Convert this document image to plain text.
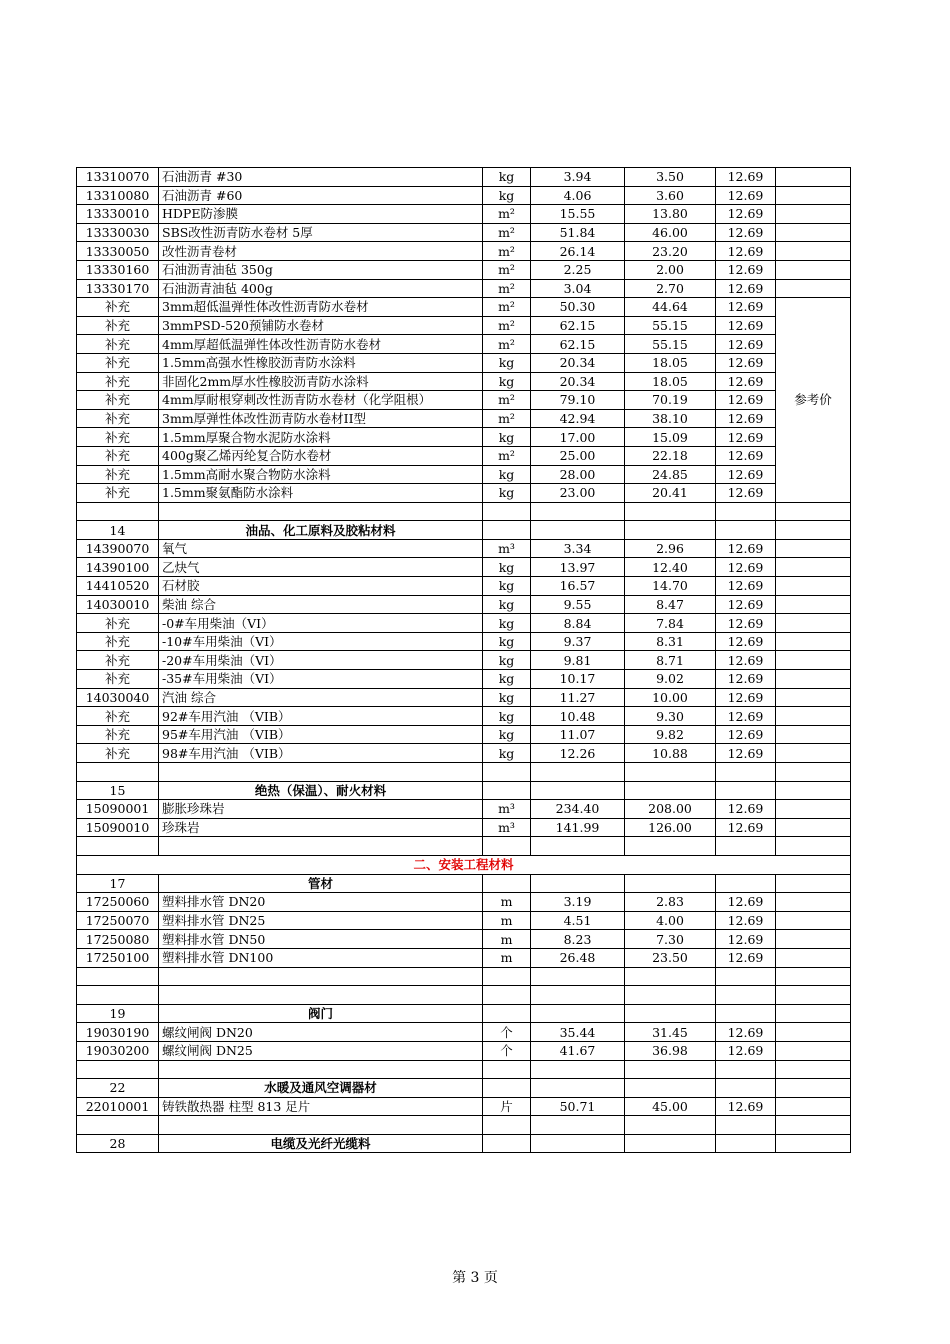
13310070	石油沥青 #30	kg	3.94	3.50	12.69	
13310080	石油沥青 #60	kg	4.06	3.60	12.69	
13330010	HDPE防渗膜	m²	15.55	13.80	12.69	
13330030	SBS改性沥青防水卷材 5厚	m²	51.84	46.00	12.69	
13330050	改性沥青卷材	m²	26.14	23.20	12.69	
13330160	石油沥青油毡 350g	m²	2.25	2.00	12.69	
13330170	石油沥青油毡 400g	m²	3.04	2.70	12.69	
补充	3mm超低温弹性体改性沥青防水卷材	m²	50.30	44.64	12.69	参考价
补充	3mmPSD-520预铺防水卷材	m²	62.15	55.15	12.69	
补充	4mm厚超低温弹性体改性沥青防水卷材	m²	62.15	55.15	12.69	
补充	1.5mm高强水性橡胶沥青防水涂料	kg	20.34	18.05	12.69	
补充	非固化2mm厚水性橡胶沥青防水涂料	kg	20.34	18.05	12.69	
补充	4mm厚耐根穿刺改性沥青防水卷材（化学阻根）	m²	79.10	70.19	12.69	
补充	3mm厚弹性体改性沥青防水卷材II型	m²	42.94	38.10	12.69	
补充	1.5mm厚聚合物水泥防水涂料	kg	17.00	15.09	12.69	
补充	400g聚乙烯丙纶复合防水卷材	m²	25.00	22.18	12.69	
补充	1.5mm高耐水聚合物防水涂料	kg	28.00	24.85	12.69	
补充	1.5mm聚氨酯防水涂料	kg	23.00	20.41	12.69	

14	油品、化工原料及胶粘材料					
14390070	氧气	m³	3.34	2.96	12.69	
14390100	乙炔气	kg	13.97	12.40	12.69	
14410520	石材胶	kg	16.57	14.70	12.69	
14030010	柴油 综合	kg	9.55	8.47	12.69	
补充	-0#车用柴油（VI）	kg	8.84	7.84	12.69	
补充	-10#车用柴油（VI）	kg	9.37	8.31	12.69	
补充	-20#车用柴油（VI）	kg	9.81	8.71	12.69	
补充	-35#车用柴油（VI）	kg	10.17	9.02	12.69	
14030040	汽油 综合	kg	11.27	10.00	12.69	
补充	92#车用汽油 （VIB）	kg	10.48	9.30	12.69	
补充	95#车用汽油 （VIB）	kg	11.07	9.82	12.69	
补充	98#车用汽油 （VIB）	kg	12.26	10.88	12.69	

15	绝热（保温）、耐火材料					
15090001	膨胀珍珠岩	m³	234.40	208.00	12.69	
15090010	珍珠岩	m³	141.99	126.00	12.69	

二、安装工程材料						
17	管材					
17250060	塑料排水管 DN20	m	3.19	2.83	12.69	
17250070	塑料排水管 DN25	m	4.51	4.00	12.69	
17250080	塑料排水管 DN50	m	8.23	7.30	12.69	
17250100	塑料排水管 DN100	m	26.48	23.50	12.69	

19	阀门					
19030190	螺纹闸阀 DN20	个	35.44	31.45	12.69	
19030200	螺纹闸阀 DN25	个	41.67	36.98	12.69	

22	水暖及通风空调器材					
22010001	铸铁散热器 柱型 813 足片	片	50.71	45.00	12.69	

28	电缆及光纤光缆料					
第 3 页
